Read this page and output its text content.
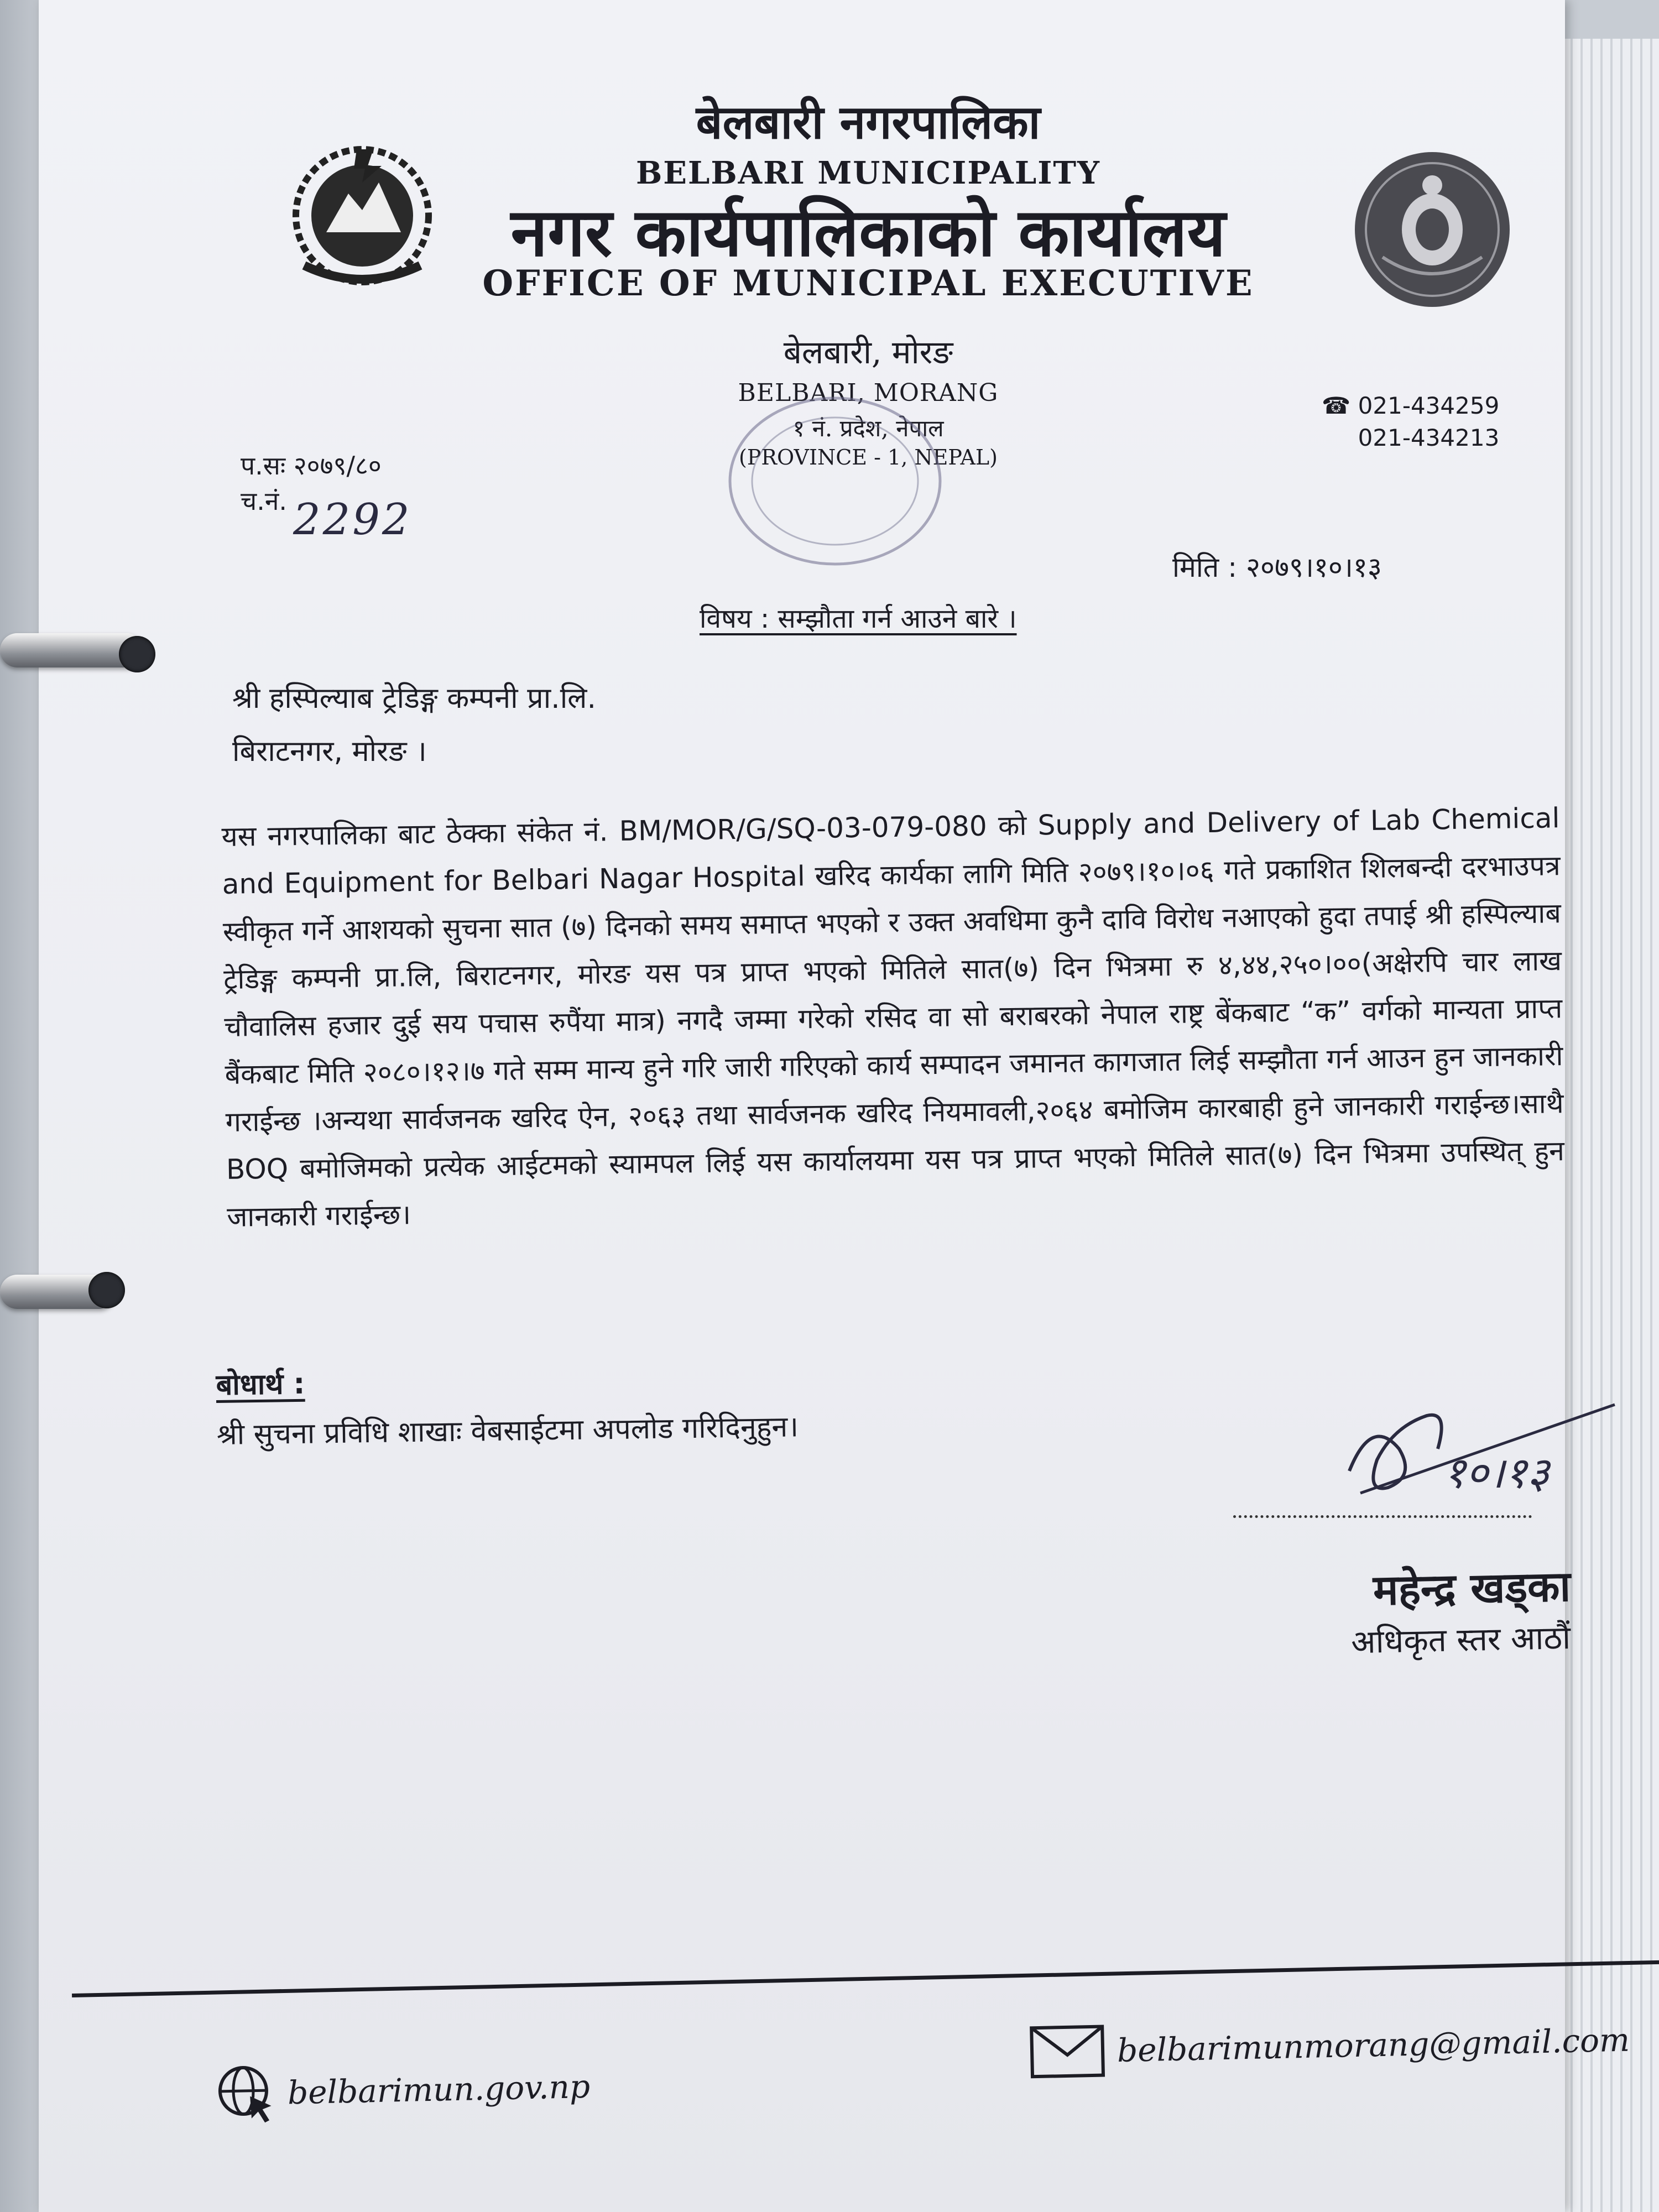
बेलबारी नगरपालिका
BELBARI MUNICIPALITY
नगर कार्यपालिकाको कार्यालय
OFFICE OF MUNICIPAL EXECUTIVE
बेलबारी, मोरङ
BELBARI, MORANG
१ नं. प्रदेश, नेपाल
(PROVINCE - 1, NEPAL)
☎ 021-434259
021-434213
प.सः २०७९/८०
च.नं. 2292
मिति : २०७९।१०।१३
विषय : सम्झौता गर्न आउने बारे ।
श्री हस्पिल्याब ट्रेडिङ्ग कम्पनी प्रा.लि.
बिराटनगर, मोरङ ।
यस नगरपालिका बाट ठेक्का संकेत नं. BM/MOR/G/SQ-03-079-080 को Supply and Delivery of Lab Chemical and Equipment for Belbari Nagar Hospital खरिद कार्यका लागि मिति २०७९।१०।०६ गते प्रकाशित शिलबन्दी दरभाउपत्र स्वीकृत गर्ने आशयको सुचना सात (७) दिनको समय समाप्त भएको र उक्त अवधिमा कुनै दावि विरोध नआएको हुदा तपाई श्री हस्पिल्याब ट्रेडिङ्ग कम्पनी प्रा.लि, बिराटनगर, मोरङ यस पत्र प्राप्त भएको मितिले सात(७) दिन भित्रमा रु ४,४४,२५०।००(अक्षेरपि चार लाख चौवालिस हजार दुई सय पचास रुपैंया मात्र) नगदै जम्मा गरेको रसिद वा सो बराबरको नेपाल राष्ट्र बेंकबाट “क” वर्गको मान्यता प्राप्त बैंकबाट मिति २०८०।१२।७ गते सम्म मान्य हुने गरि जारी गरिएको कार्य सम्पादन जमानत कागजात लिई सम्झौता गर्न आउन हुन जानकारी गराईन्छ ।अन्यथा सार्वजनक खरिद ऐन, २०६३ तथा सार्वजनक खरिद नियमावली,२०६४ बमोजिम कारबाही हुने जानकारी गराईन्छ।साथै BOQ बमोजिमको प्रत्येक आईटमको स्यामपल लिई यस कार्यालयमा यस पत्र प्राप्त भएको मितिले सात(७) दिन भित्रमा उपस्थित् हुन जानकारी गराईन्छ।
बोधार्थ :
श्री सुचना प्रविधि शाखाः वेबसाईटमा अपलोड गरिदिनुहुन।
१०।१३
महेन्द्र खड्का
अधिकृत स्तर आठौं
belbarimun.gov.np
belbarimunmorang@gmail.com
